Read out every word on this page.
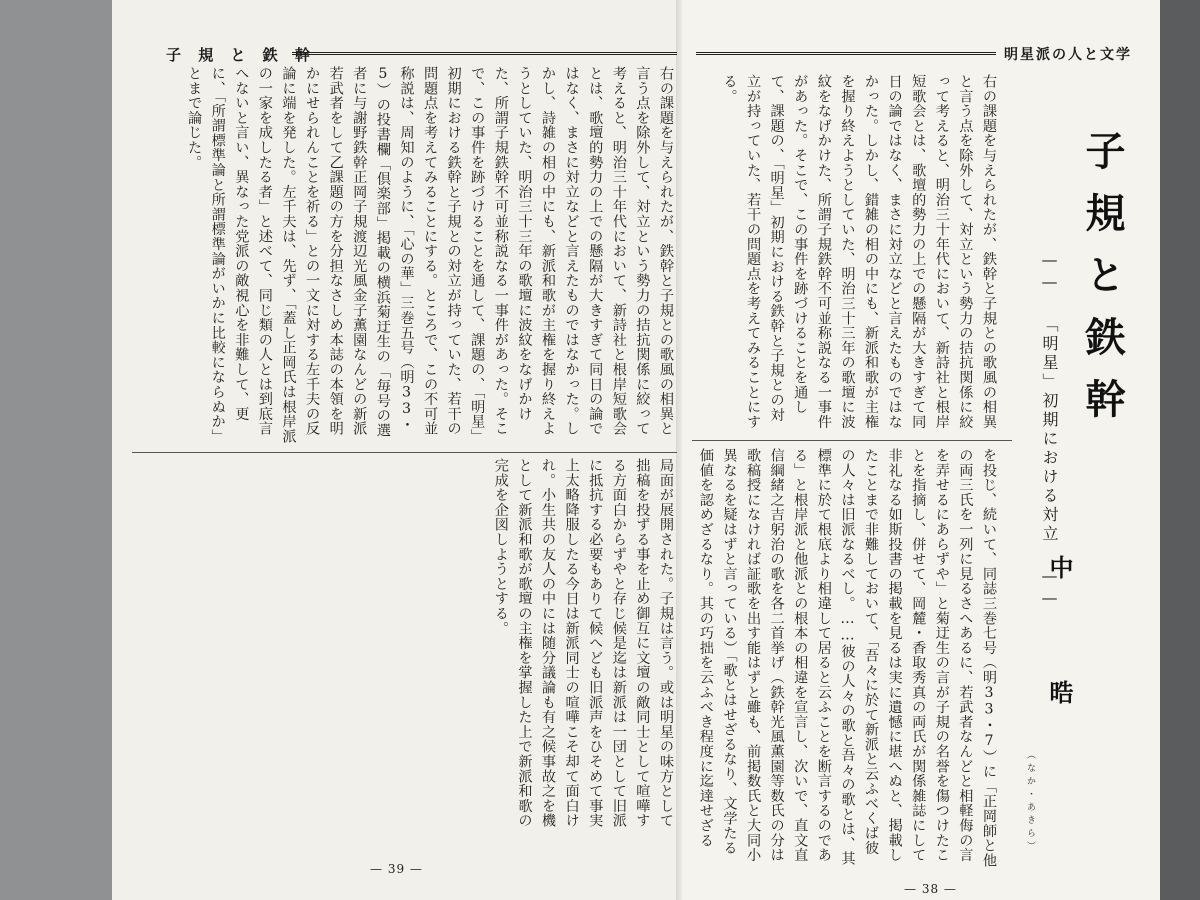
子 規 と 鉄 幹
右の課題を与えられたが、鉄幹と子規との歌風の相異と言う点を除外して、対立という勢力の拮抗関係に絞って考えると、明治三十年代において、新詩社と根岸短歌会とは、歌壇的勢力の上での懸隔が大きすぎて同日の論ではなく、まさに対立などと言えたものではなかった。しかし、詩雑の相の中にも、新派和歌が主権を握り終えようとしていた、明治三十三年の歌壇に波紋をなげかけた、所謂子規鉄幹不可並称説なる一事件があった。そこで、この事件を跡づけることを通して、課題の、「明星」初期における鉄幹と子規との対立が持っていた、若干の問題点を考えてみることにする。ところで、この不可並称説は、周知のように、「心の華」三巻五号（明33・5）の投書欄「倶楽部」掲載の横浜菊迂生の「毎号の選者に与謝野鉄幹正岡子規渡辺光風金子薫園なんどの新派若武者をして乙課題の方を分担なさしめ本誌の本領を明かにせられんことを祈る」との一文に対する左千夫の反論に端を発した。左千夫は、先ず、「蓋し正岡氏は根岸派の一家を成したる者」と述べて、同じ類の人とは到底言へないと言い、異なった党派の敵視心を非難して、更に、「所謂標準論と所謂標準論がいかに比較にならぬか」とまで論じた。
局面が展開された。子規は言う。或は明星の味方として拙稿を投ずる事を止め御互に文壇の敵同士として喧嘩する方面白からずやと存じ候是迄は新派は一団として旧派に抵抗する必要もありて候へども旧派声をひそめて事実上太略降服したる今日は新派同士の喧嘩こそ却て面白けれ。小生共の友人の中には随分議論も有之候事故之を機として新派和歌が歌壇の主権を掌握した上で新派和歌の完成を企図しようとする。
— 39 —
明星派の人と文学
右の課題を与えられたが、鉄幹と子規との歌風の相異と言う点を除外して、対立という勢力の拮抗関係に絞って考えると、明治三十年代において、新詩社と根岸短歌会とは、歌壇的勢力の上での懸隔が大きすぎて同日の論ではなく、まさに対立などと言えたものではなかった。しかし、錯雑の相の中にも、新派和歌が主権を握り終えようとしていた、明治三十三年の歌壇に波紋をなげかけた、所謂子規鉄幹不可並称説なる一事件があった。そこで、この事件を跡づけることを通して、課題の、「明星」初期における鉄幹と子規との対立が持っていた、若干の問題点を考えてみることにする。
子規と鉄幹
—— 「明星」初期における対立 ——
を投じ、続いて、同誌三巻七号（明33・7）に「正岡師と他の両三氏を一列に見るさへあるに、若武者なんどと相軽侮の言を弄せるにあらずや」と菊迂生の言が子規の名誉を傷つけたことを指摘し、併せて、岡麓・香取秀真の両氏が関係雑誌にして非礼なる如斯投書の掲載を見るは実に遺憾に堪へぬと、掲載したことまで非難しておいて、「吾々に於て新派と云ふべくば彼の人々は旧派なるべし。……彼の人々の歌と吾々の歌とは、其標準に於て根底より相違して居ると云ふことを断言するのである」と根岸派と他派との根本の相違を宣言し、次いで、直文直信綱緒之吉躬治の歌を各二首挙げ（鉄幹光風薫園等数氏の分は歌稿授になければ証歌を出す能はずと雖も、前掲数氏と大同小異なるを疑はずと言っている）「歌とはせざるなり、文学たる価値を認めざるなり。其の巧拙を云ふべき程度に迄達せざる
中 晧
（なか・あきら）
— 38 —
